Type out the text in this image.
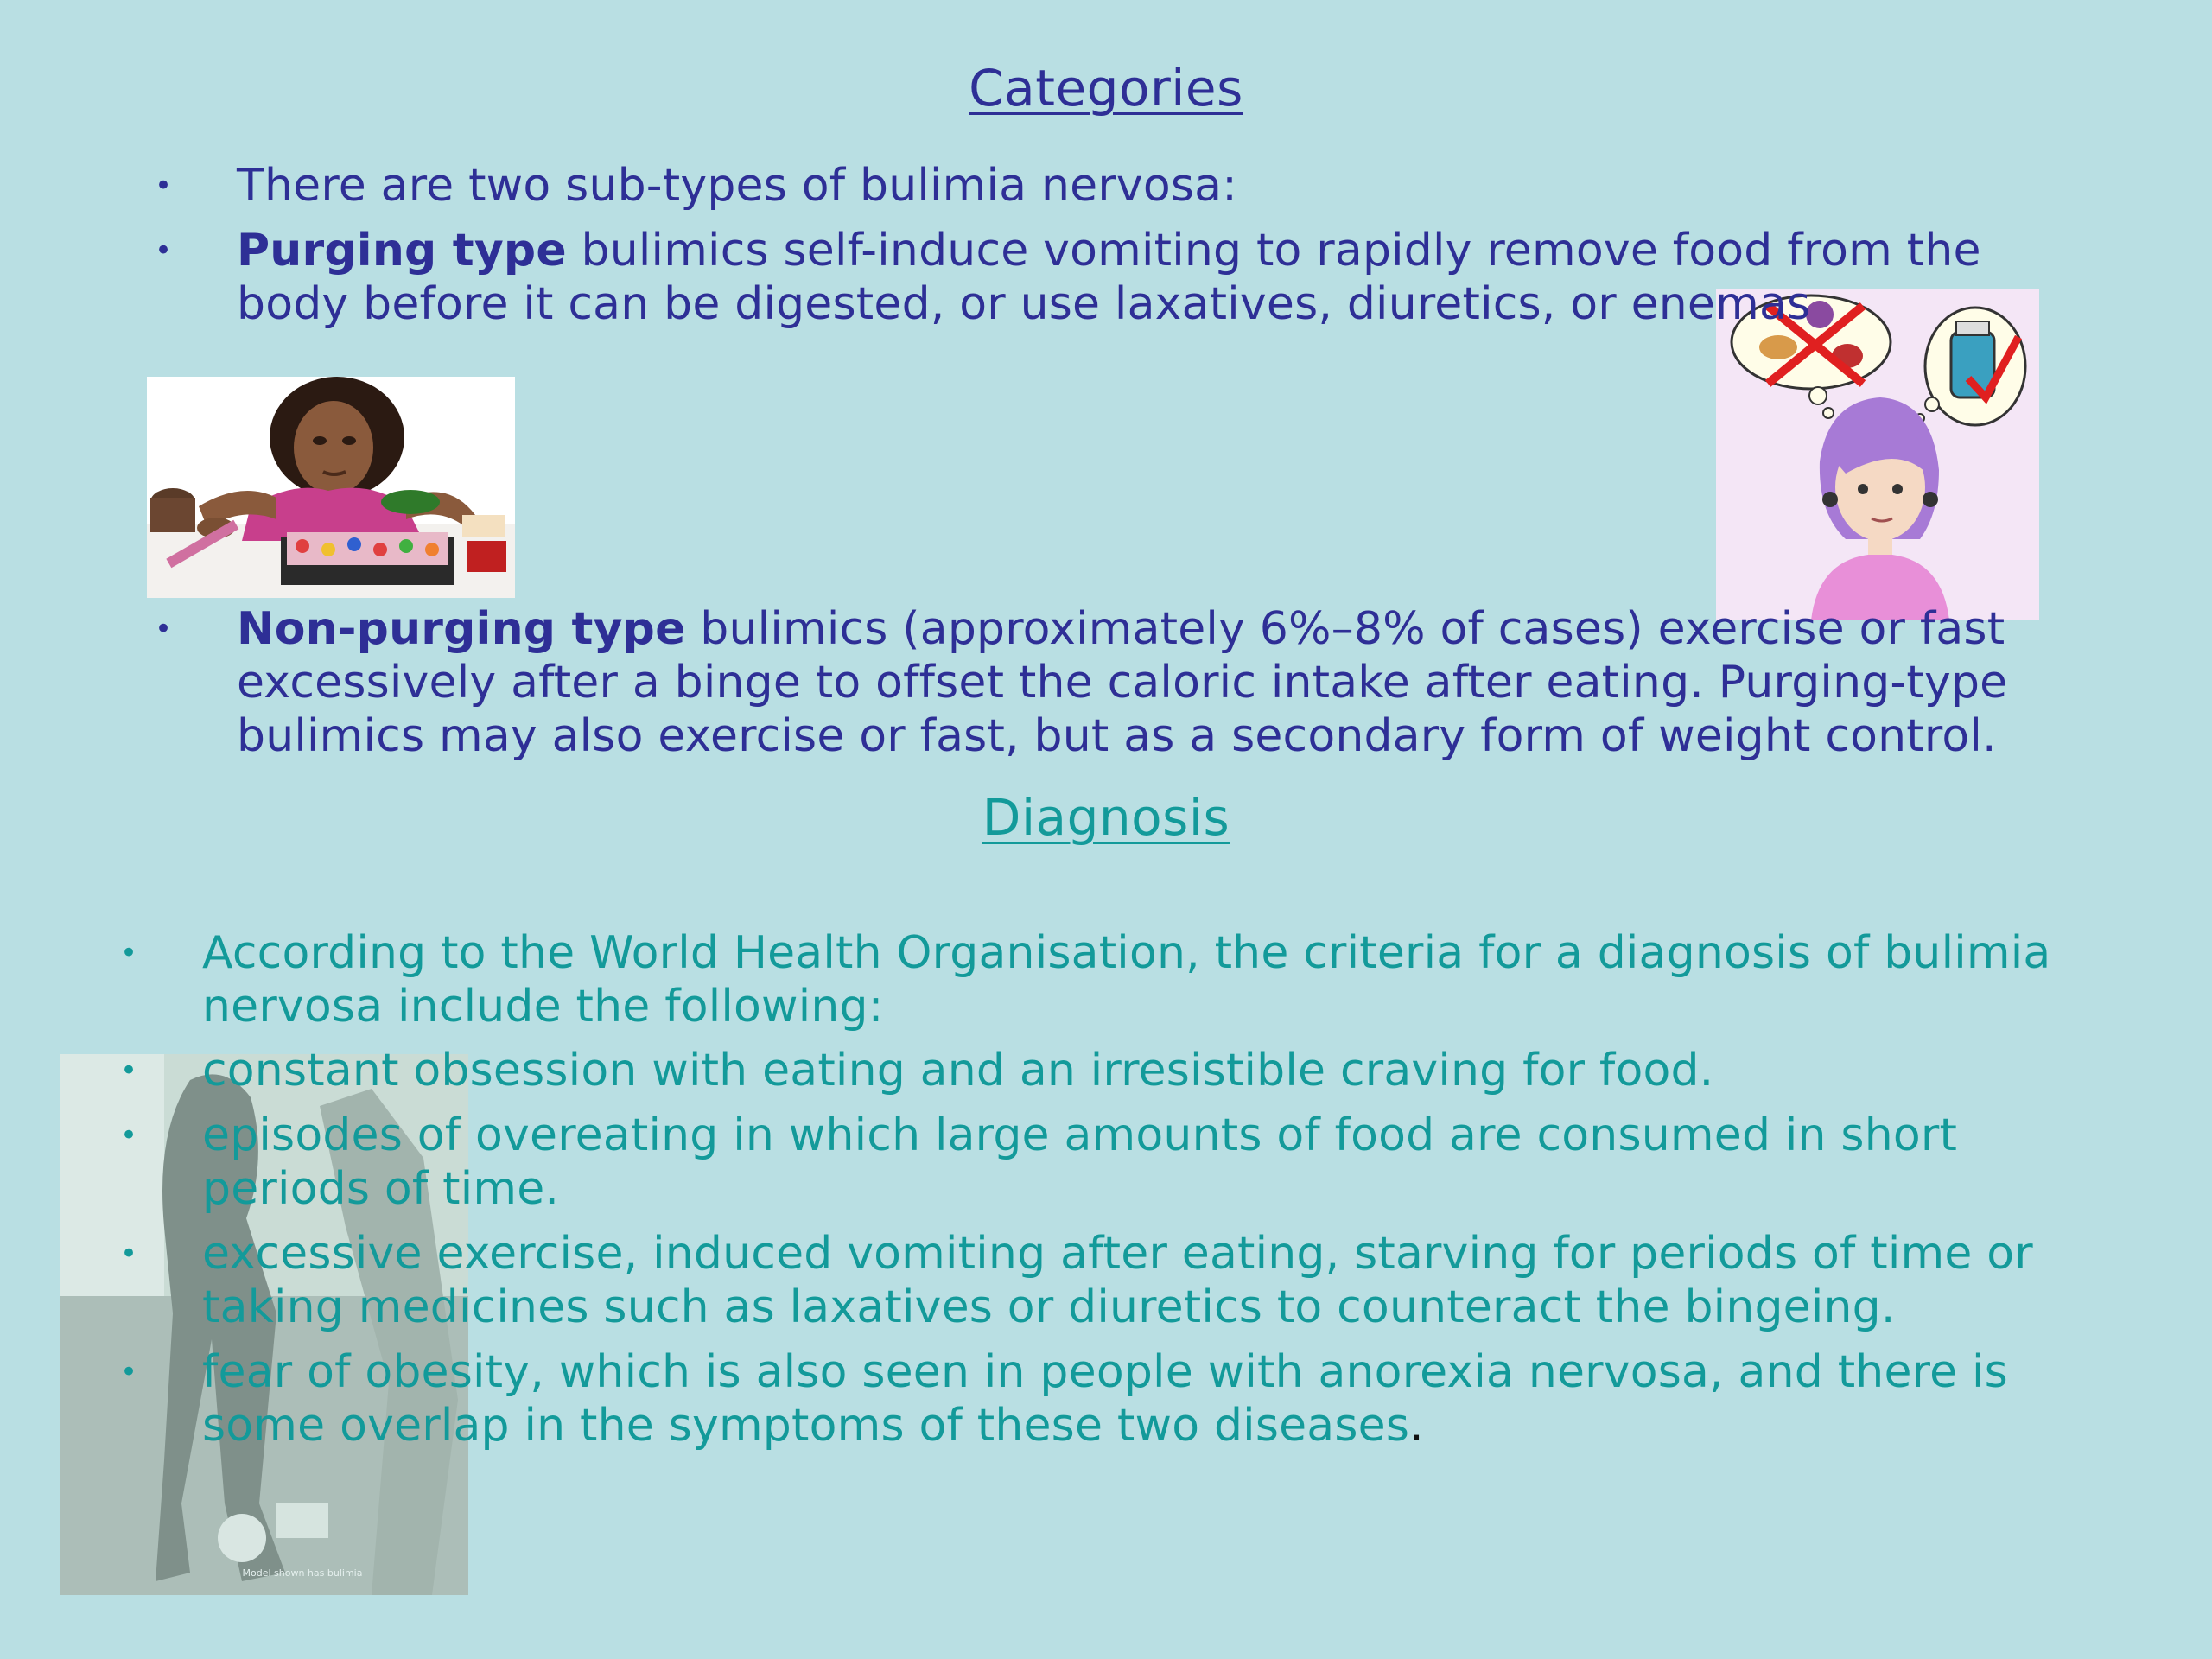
Model shown has bulimia
Categories
• There are two sub-types of bulimia nervosa:
• Purging type bulimics self-induce vomiting to rapidly remove food from the body before it can be digested, or use laxatives, diuretics, or enemas
• Non-purging type bulimics (approximately 6%–8% of cases) exercise or fast excessively after a binge to offset the caloric intake after eating. Purging-type bulimics may also exercise or fast, but as a secondary form of weight control.
Diagnosis
• According to the World Health Organisation, the criteria for a diagnosis of bulimia nervosa include the following:
• constant obsession with eating and an irresistible craving for food.
• episodes of overeating in which large amounts of food are consumed in short periods of time.
• excessive exercise, induced vomiting after eating, starving for periods of time or taking medicines such as laxatives or diuretics to counteract the bingeing.
• fear of obesity, which is also seen in people with anorexia nervosa, and there is some overlap in the symptoms of these two diseases.
